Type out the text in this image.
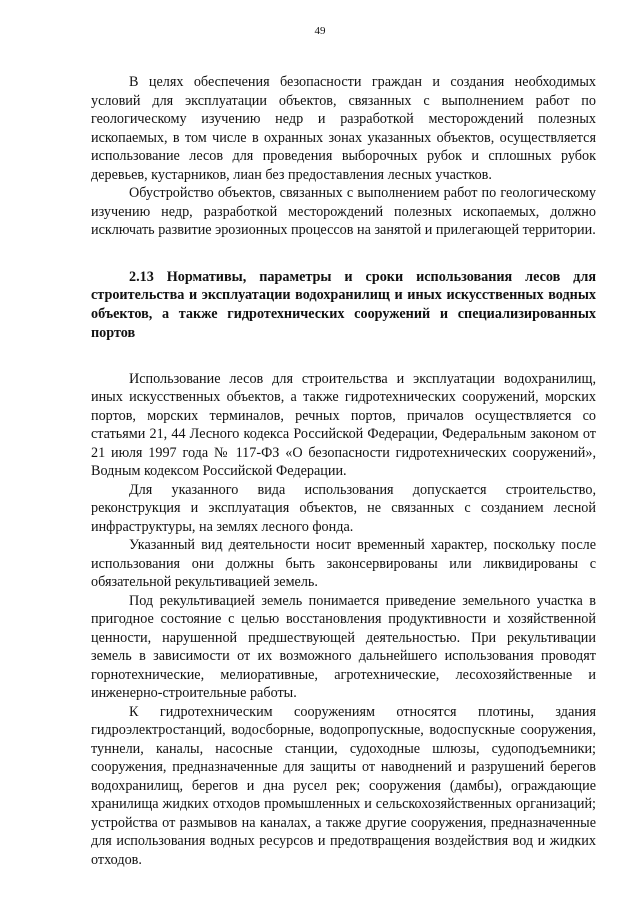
49

В целях обеспечения безопасности граждан и создания необходимых условий для эксплуатации объектов, связанных с выполнением работ по геологическому изучению недр и разработкой месторождений полезных ископаемых, в том числе в охранных зонах указанных объектов, осуществляется использование лесов для проведения выборочных рубок и сплошных рубок деревьев, кустарников, лиан без предоставления лесных участков.

Обустройство объектов, связанных с выполнением работ по геологическому изучению недр, разработкой месторождений полезных ископаемых, должно исключать развитие эрозионных процессов на занятой и прилегающей территории.

2.13 Нормативы, параметры и сроки использования лесов для строительства и эксплуатации водохранилищ и иных искусственных водных объектов, а также гидротехнических сооружений и специализированных портов

Использование лесов для строительства и эксплуатации водохранилищ, иных искусственных объектов, а также гидротехнических сооружений, морских портов, морских терминалов, речных портов, причалов осуществляется со статьями 21, 44 Лесного кодекса Российской Федерации, Федеральным законом от 21 июля 1997 года № 117-ФЗ «О безопасности гидротехнических сооружений», Водным кодексом Российской Федерации.

Для указанного вида использования допускается строительство, реконструкция и эксплуатация объектов, не связанных с созданием лесной инфраструктуры, на землях лесного фонда.

Указанный вид деятельности носит временный характер, поскольку после использования они должны быть законсервированы или ликвидированы с обязательной рекультивацией земель.

Под рекультивацией земель понимается приведение земельного участка в пригодное состояние с целью восстановления продуктивности и хозяйственной ценности, нарушенной предшествующей деятельностью. При рекультивации земель в зависимости от их возможного дальнейшего использования проводят горнотехнические, мелиоративные, агротехнические, лесохозяйственные и инженерно-строительные работы.

К гидротехническим сооружениям относятся плотины, здания гидроэлектростанций, водосборные, водопропускные, водоспускные сооружения, туннели, каналы, насосные станции, судоходные шлюзы, судоподъемники; сооружения, предназначенные для защиты от наводнений и разрушений берегов водохранилищ, берегов и дна русел рек; сооружения (дамбы), ограждающие хранилища жидких отходов промышленных и сельскохозяйственных организаций; устройства от размывов на каналах, а также другие сооружения, предназначенные для использования водных ресурсов и предотвращения воздействия вод и жидких отходов.
